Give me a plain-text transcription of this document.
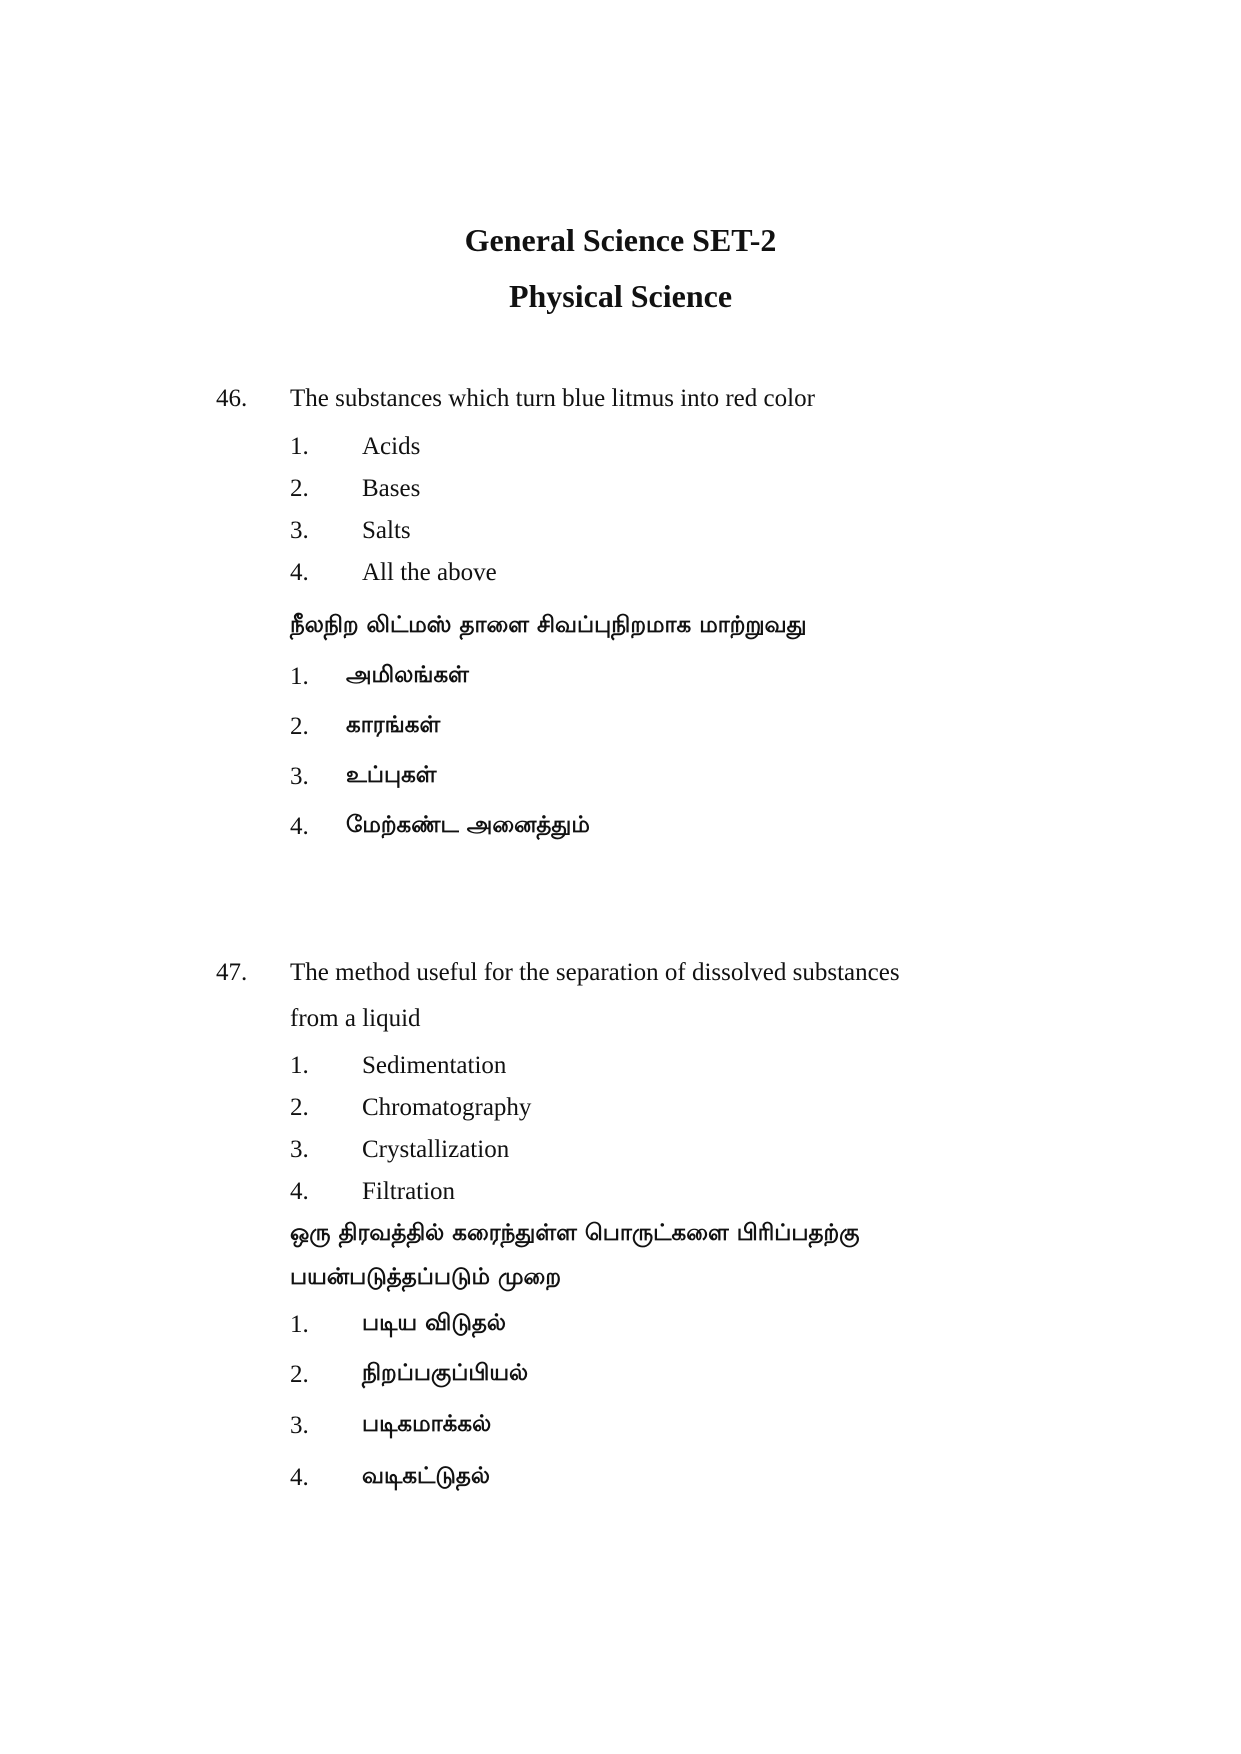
General Science SET-2
Physical Science
46. The substances which turn blue litmus into red color
1. Acids
2. Bases
3. Salts
4. All the above
நீலநிற லிட்மஸ் தாளை சிவப்புநிறமாக மாற்றுவது
1. அமிலங்கள்
2. காரங்கள்
3. உப்புகள்
4. மேற்கண்ட அனைத்தும்
47. The method useful for the separation of dissolved substances
from a liquid
1. Sedimentation
2. Chromatography
3. Crystallization
4. Filtration
ஒரு திரவத்தில் கரைந்துள்ள பொருட்களை பிரிப்பதற்கு
பயன்படுத்தப்படும் முறை
1. படிய விடுதல்
2. நிறப்பகுப்பியல்
3. படிகமாக்கல்
4. வடிகட்டுதல்
